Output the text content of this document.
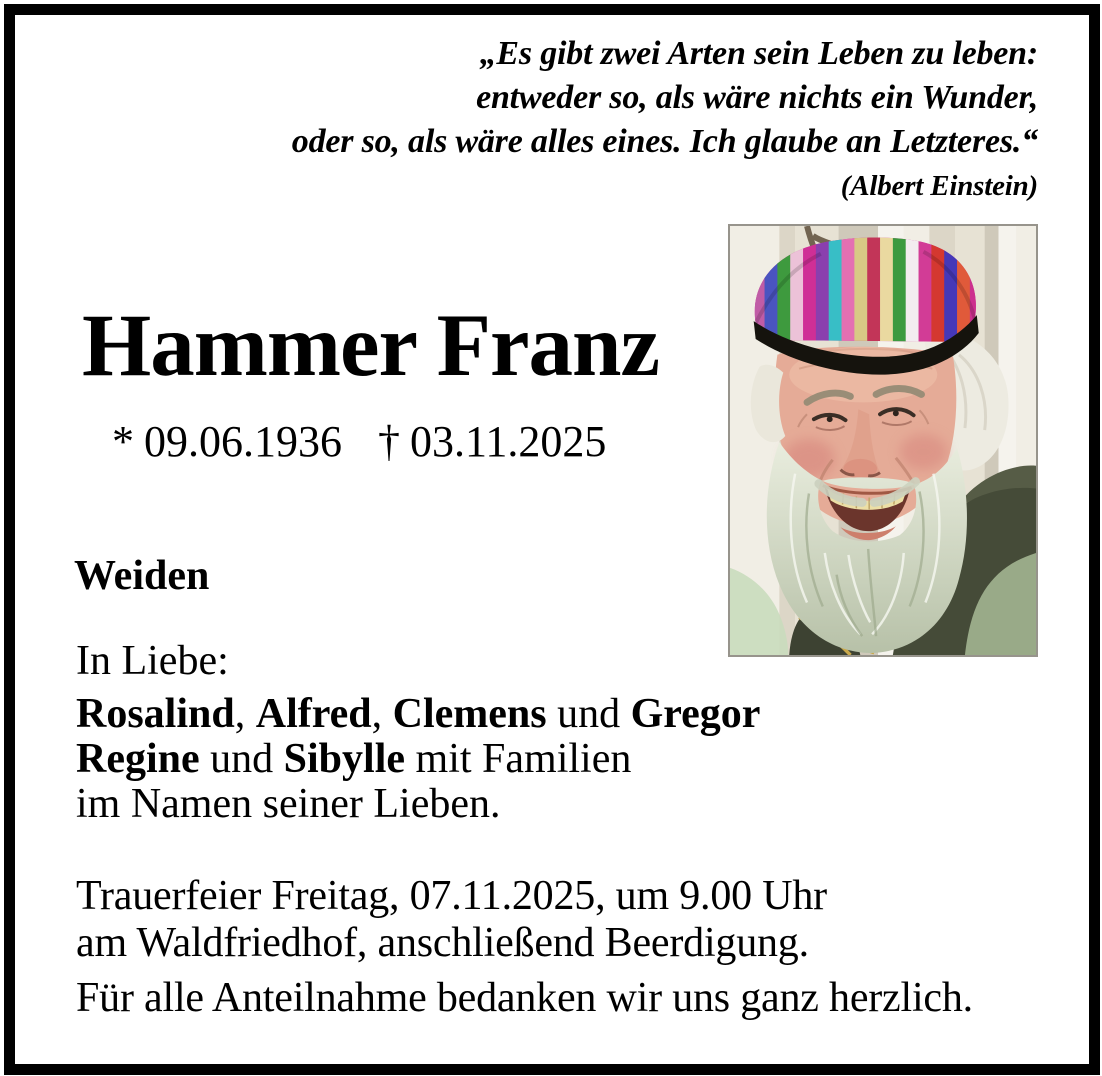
„Es gibt zwei Arten sein Leben zu leben:
entweder so, als wäre nichts ein Wunder,
oder so, als wäre alles eines. Ich glaube an Letzteres.“
(Albert Einstein)
Hammer Franz
* 09.06.1936 † 03.11.2025
Weiden
In Liebe:
Rosalind, Alfred, Clemens und Gregor
Regine und Sibylle mit Familien
im Namen seiner Lieben.
Trauerfeier Freitag, 07.11.2025, um 9.00 Uhr
am Waldfriedhof, anschließend Beerdigung.
Für alle Anteilnahme bedanken wir uns ganz herzlich.
